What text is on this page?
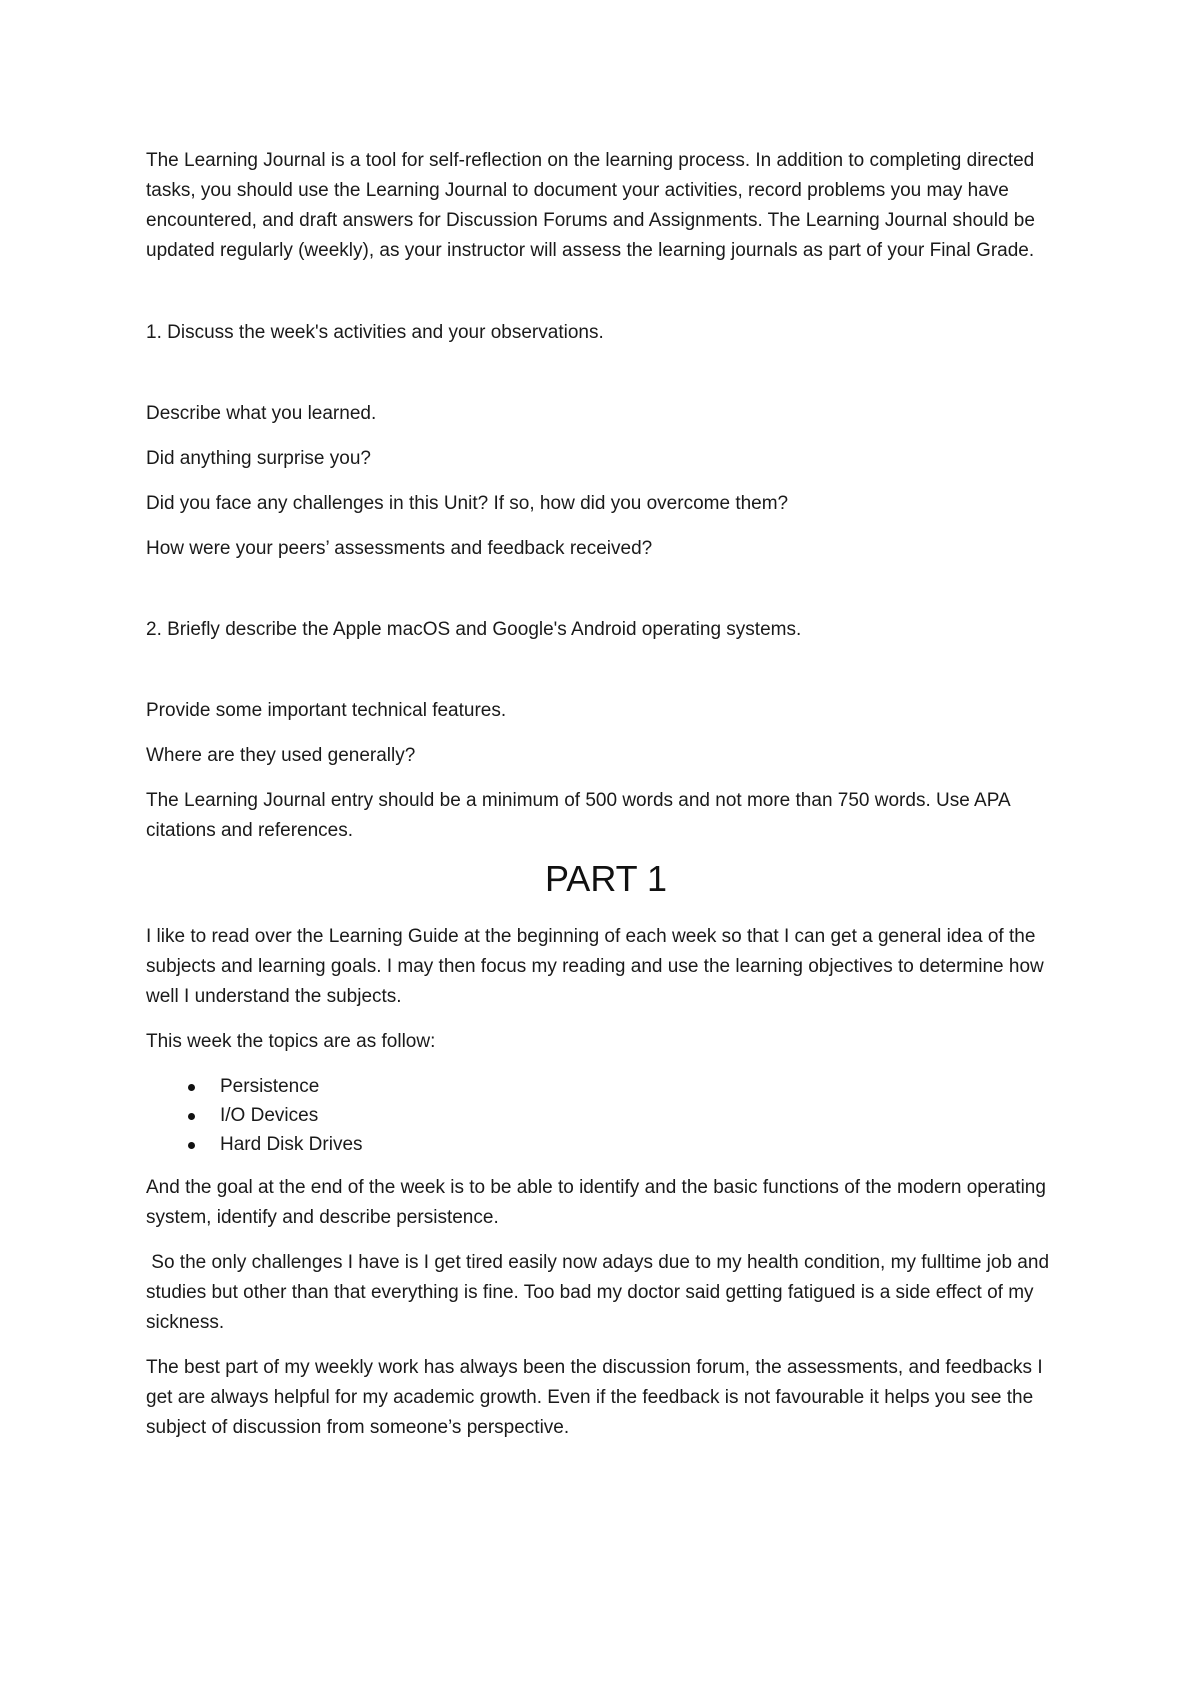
The Learning Journal is a tool for self-reflection on the learning process. In addition to completing directed tasks, you should use the Learning Journal to document your activities, record problems you may have encountered, and draft answers for Discussion Forums and Assignments. The Learning Journal should be updated regularly (weekly), as your instructor will assess the learning journals as part of your Final Grade.

1. Discuss the week's activities and your observations.

Describe what you learned.

Did anything surprise you?

Did you face any challenges in this Unit? If so, how did you overcome them?

How were your peers’ assessments and feedback received?

2. Briefly describe the Apple macOS and Google's Android operating systems.

Provide some important technical features.

Where are they used generally?

The Learning Journal entry should be a minimum of 500 words and not more than 750 words. Use APA citations and references.

PART 1

I like to read over the Learning Guide at the beginning of each week so that I can get a general idea of the subjects and learning goals. I may then focus my reading and use the learning objectives to determine how well I understand the subjects.

This week the topics are as follow:

Persistence
I/O Devices
Hard Disk Drives

And the goal at the end of the week is to be able to identify and the basic functions of the modern operating system, identify and describe persistence.

So the only challenges I have is I get tired easily now adays due to my health condition, my fulltime job and studies but other than that everything is fine. Too bad my doctor said getting fatigued is a side effect of my sickness.

The best part of my weekly work has always been the discussion forum, the assessments, and feedbacks I get are always helpful for my academic growth. Even if the feedback is not favourable it helps you see the subject of discussion from someone’s perspective.
